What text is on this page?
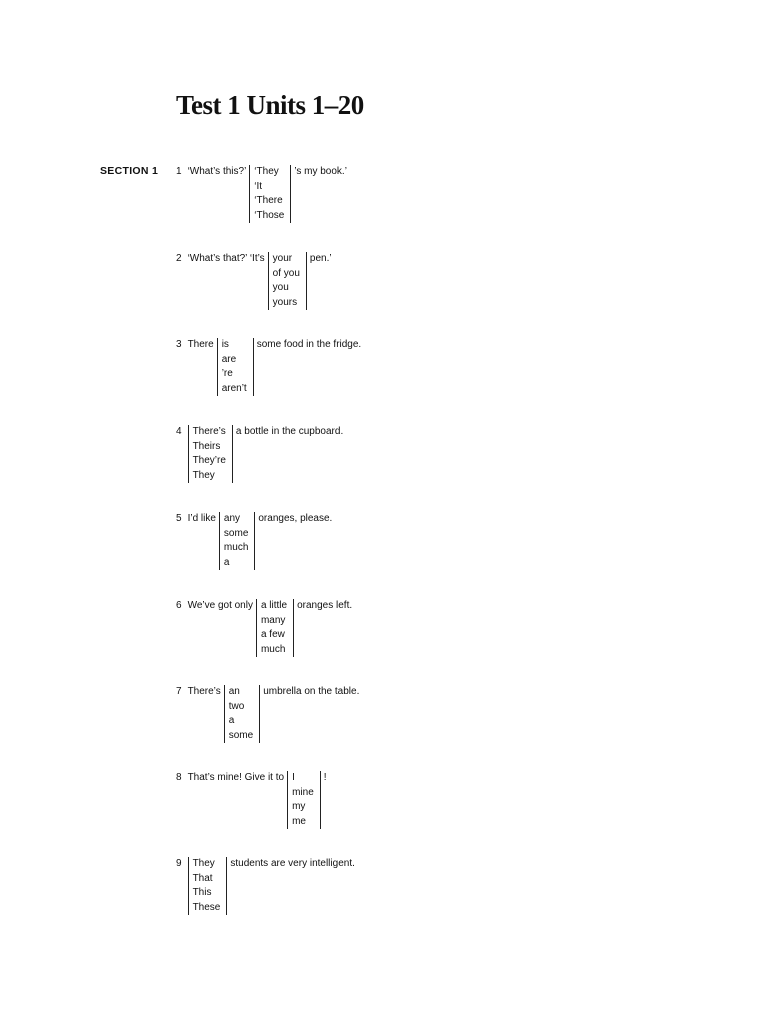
Test 1 Units 1–20
SECTION 1 1 ‘What’s this?’ ‘They
‘It
‘There
‘Those
’s my book.’
2 ‘What’s that?’ ‘It’s your
of you
you
yours
pen.’
3 There is
are
’re
aren’t
some food in the fridge.
4 There’s
Theirs
They’re
They
a bottle in the cupboard.
5 I’d like any
some
much
a
oranges, please.
6 We’ve got only a little
many
a few
much
oranges left.
7 There’s an
two
a
some
umbrella on the table.
8 That’s mine! Give it to I
mine
my
me
!
9 They
That
This
These
students are very intelligent.
